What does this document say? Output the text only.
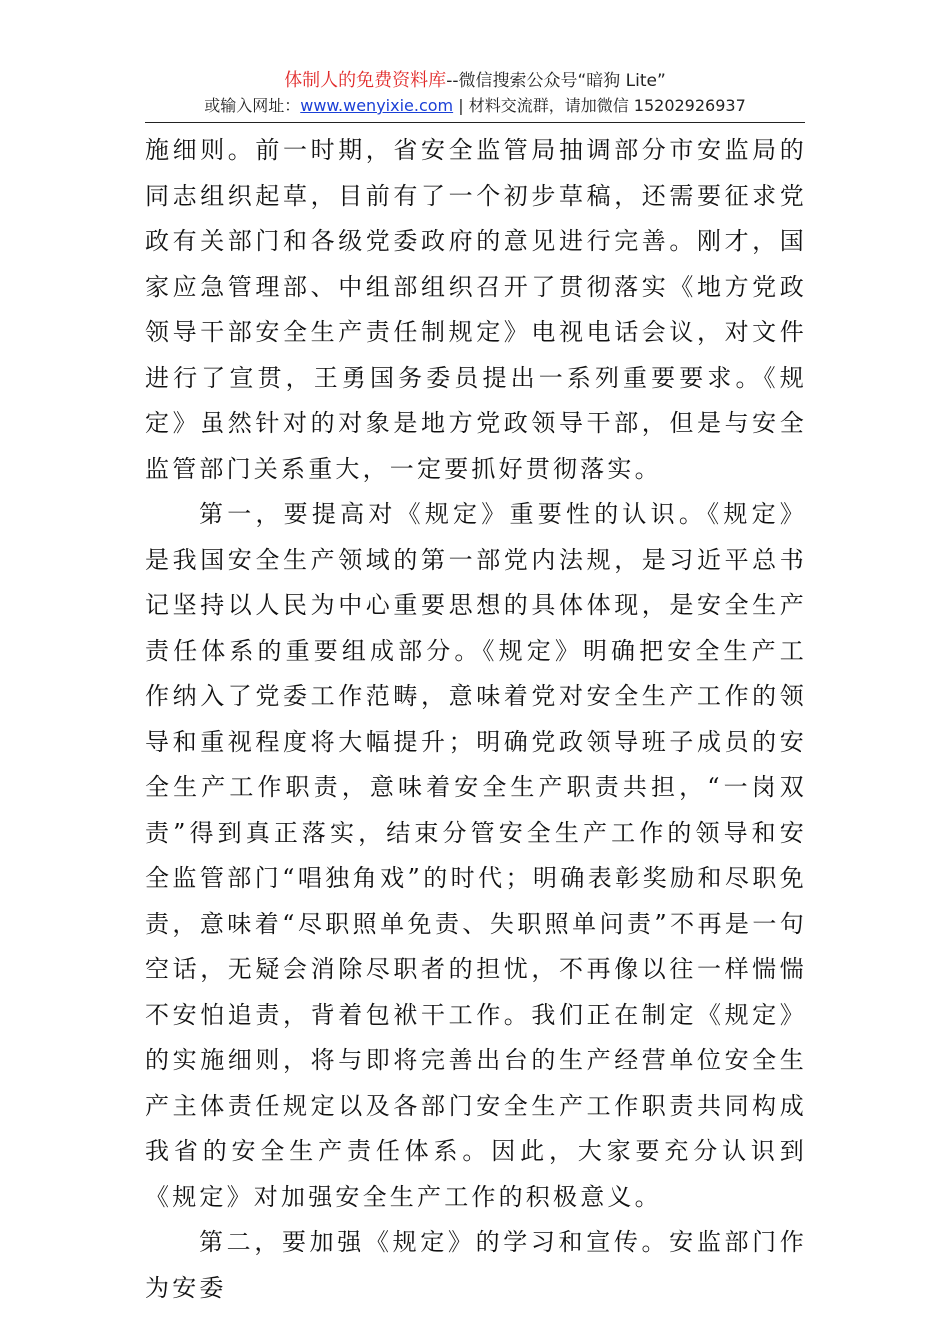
体制人的免费资料库--微信搜索公众号“暗狗 Lite”
或输入网址：www.wenyixie.com | 材料交流群，请加微信 15202926937

施细则。前一时期，省安全监管局抽调部分市安监局的同志组织起草，目前有了一个初步草稿，还需要征求党政有关部门和各级党委政府的意见进行完善。刚才，国家应急管理部、中组部组织召开了贯彻落实《地方党政领导干部安全生产责任制规定》电视电话会议，对文件进行了宣贯，王勇国务委员提出一系列重要要求。《规定》虽然针对的对象是地方党政领导干部，但是与安全监管部门关系重大，一定要抓好贯彻落实。

第一，要提高对《规定》重要性的认识。《规定》是我国安全生产领域的第一部党内法规，是习近平总书记坚持以人民为中心重要思想的具体体现，是安全生产责任体系的重要组成部分。《规定》明确把安全生产工作纳入了党委工作范畴，意味着党对安全生产工作的领导和重视程度将大幅提升；明确党政领导班子成员的安全生产工作职责，意味着安全生产职责共担，“一岗双责”得到真正落实，结束分管安全生产工作的领导和安全监管部门“唱独角戏”的时代；明确表彰奖励和尽职免责，意味着“尽职照单免责、失职照单问责”不再是一句空话，无疑会消除尽职者的担忧，不再像以往一样惴惴不安怕追责，背着包袱干工作。我们正在制定《规定》的实施细则，将与即将完善出台的生产经营单位安全生产主体责任规定以及各部门安全生产工作职责共同构成我省的安全生产责任体系。因此，大家要充分认识到《规定》对加强安全生产工作的积极意义。

第二，要加强《规定》的学习和宣传。安监部门作为安委
